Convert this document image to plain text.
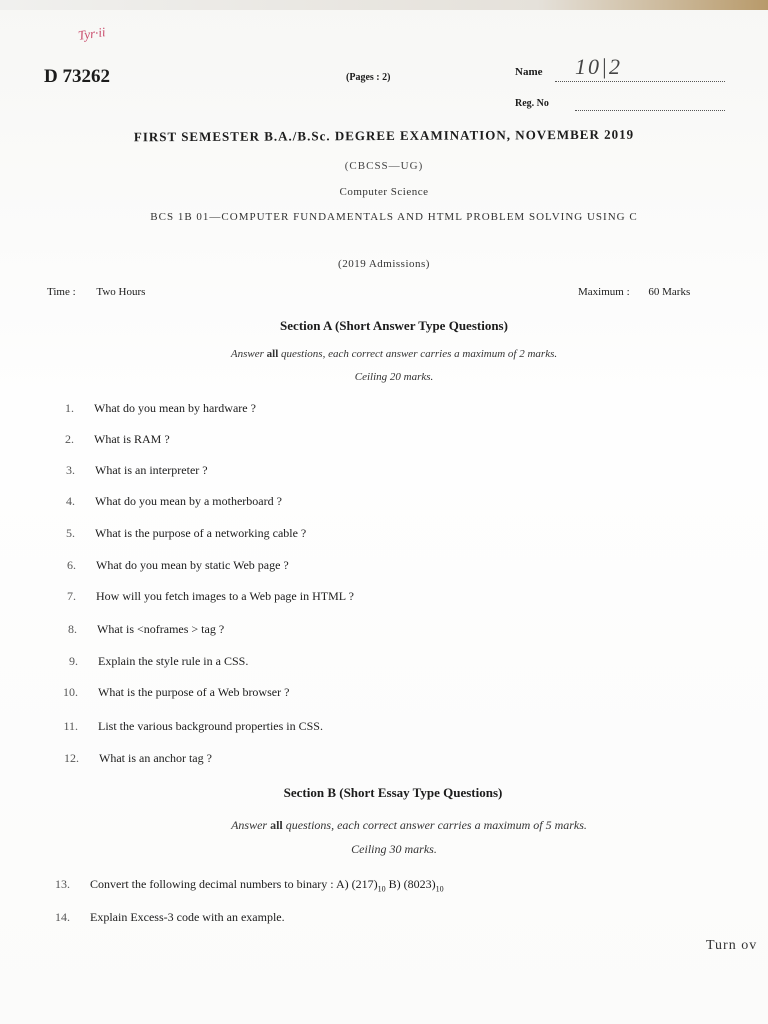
Tyr·ii
D 73262	(Pages : 2)	Name 10|2
Reg. No
FIRST SEMESTER B.A./B.Sc. DEGREE EXAMINATION, NOVEMBER 2019
(CBCSS—UG)
Computer Science
BCS 1B 01—COMPUTER FUNDAMENTALS AND HTML PROBLEM SOLVING USING C
(2019 Admissions)
Time : Two Hours	Maximum : 60 Marks
Section A (Short Answer Type Questions)
Answer all questions, each correct answer carries a maximum of 2 marks.
Ceiling 20 marks.
1. What do you mean by hardware ?
2. What is RAM ?
3. What is an interpreter ?
4. What do you mean by a motherboard ?
5. What is the purpose of a networking cable ?
6. What do you mean by static Web page ?
7. How will you fetch images to a Web page in HTML ?
8. What is <noframes > tag ?
9. Explain the style rule in a CSS.
10. What is the purpose of a Web browser ?
11. List the various background properties in CSS.
12. What is an anchor tag ?
Section B (Short Essay Type Questions)
Answer all questions, each correct answer carries a maximum of 5 marks.
Ceiling 30 marks.
13. Convert the following decimal numbers to binary : A) $(217)_{10}$ B) $(8023)_{10}$
14. Explain Excess-3 code with an example.
Turn ov
